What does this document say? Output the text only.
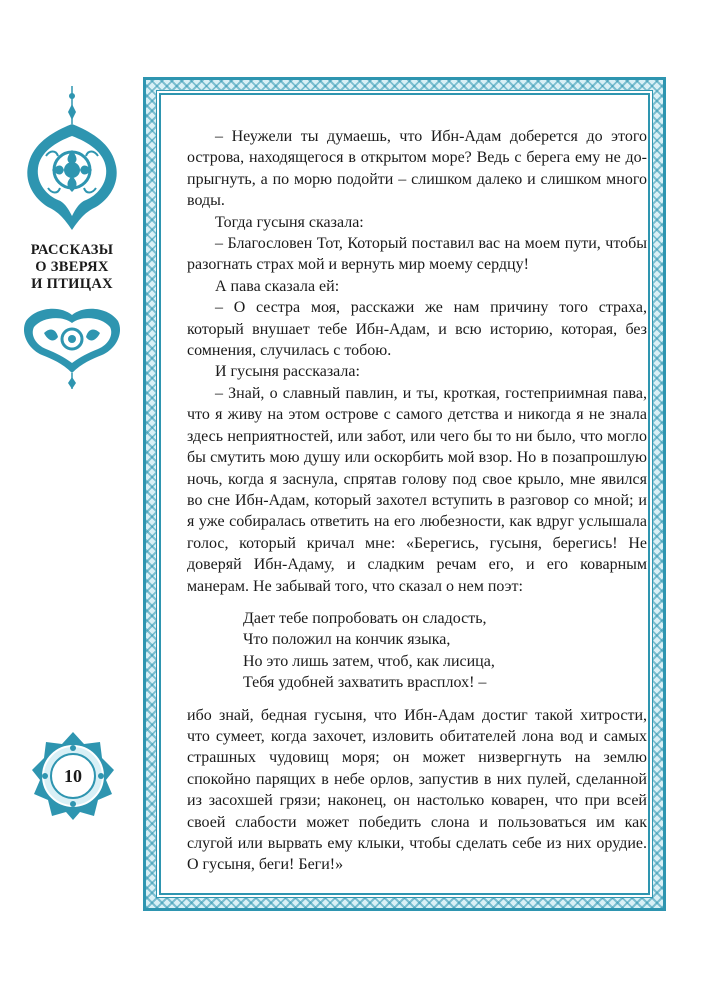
РАССКАЗЫ
О ЗВЕРЯХ
И ПТИЦАХ
10

– Неужели ты думаешь, что Ибн-Адам доберется до этого острова, находящегося в открытом море? Ведь с берега ему не допрыгнуть, а по морю подойти – слишком далеко и слишком много воды.

Тогда гусыня сказала:

– Благословен Тот, Который поставил вас на моем пути, чтобы разогнать страх мой и вернуть мир моему сердцу!

А пава сказала ей:

– О сестра моя, расскажи же нам причину того страха, который внушает тебе Ибн-Адам, и всю историю, которая, без сомнения, случилась с тобою.

И гусыня рассказала:

– Знай, о славный павлин, и ты, кроткая, гостеприимная пава, что я живу на этом острове с самого детства и никогда я не знала здесь неприятностей, или забот, или чего бы то ни было, что могло бы смутить мою душу или оскорбить мой взор. Но в позапрошлую ночь, когда я заснула, спрятав голову под свое крыло, мне явился во сне Ибн-Адам, который захотел вступить в разговор со мной; и я уже собиралась ответить на его любезности, как вдруг услышала голос, который кричал мне: «Берегись, гусыня, берегись! Не доверяй Ибн-Адаму, и сладким речам его, и его коварным манерам. Не забывай того, что сказал о нем поэт:

Дает тебе попробовать он сладость,
Что положил на кончик языка,
Но это лишь затем, чтоб, как лисица,
Тебя удобней захватить врасплох! –

ибо знай, бедная гусыня, что Ибн-Адам достиг такой хитрости, что сумеет, когда захочет, изловить обитателей лона вод и самых страшных чудовищ моря; он может низвергнуть на землю спокойно парящих в небе орлов, запустив в них пулей, сделанной из засохшей грязи; наконец, он настолько коварен, что при всей своей слабости может победить слона и пользоваться им как слугой или вырвать ему клыки, чтобы сделать себе из них орудие. О гусыня, беги! Беги!»
